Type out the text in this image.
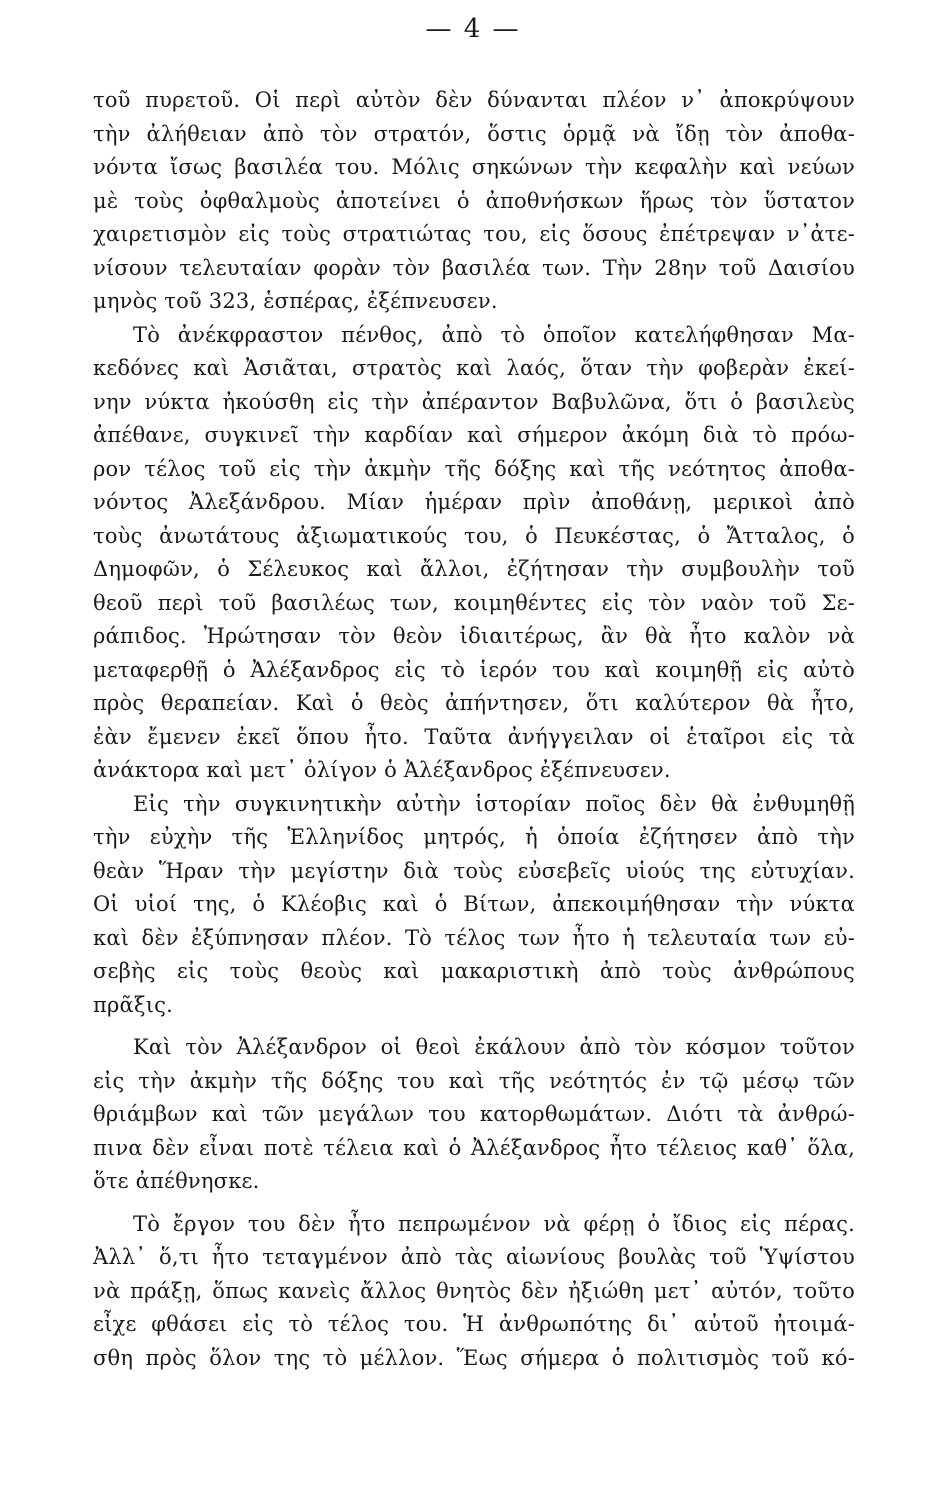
— 4 —
τοῦ πυρετοῦ. Οἱ περὶ αὐτὸν δὲν δύνανται πλέον ν᾽ ἀποκρύψουν
τὴν ἀλήθειαν ἀπὸ τὸν στρατόν, ὅστις ὁρμᾷ νὰ ἴδῃ τὸν ἀποθα-
νόντα ἴσως βασιλέα του. Μόλις σηκώνων τὴν κεφαλὴν καὶ νεύων
μὲ τοὺς ὀφθαλμοὺς ἀποτείνει ὁ ἀποθνήσκων ἥρως τὸν ὕστατον
χαιρετισμὸν εἰς τοὺς στρατιώτας του, εἰς ὅσους ἐπέτρεψαν ν᾽ἀτε-
νίσουν τελευταίαν φορὰν τὸν βασιλέα των. Τὴν 28ην τοῦ Δαισίου
μηνὸς τοῦ 323, ἑσπέρας, ἐξέπνευσεν.
Τὸ ἀνέκφραστον πένθος, ἀπὸ τὸ ὁποῖον κατελήφθησαν Μα-
κεδόνες καὶ Ἀσιᾶται, στρατὸς καὶ λαός, ὅταν τὴν φοβερὰν ἐκεί-
νην νύκτα ἠκούσθη εἰς τὴν ἀπέραντον Βαβυλῶνα, ὅτι ὁ βασιλεὺς
ἀπέθανε, συγκινεῖ τὴν καρδίαν καὶ σήμερον ἀκόμη διὰ τὸ πρόω-
ρον τέλος τοῦ εἰς τὴν ἀκμὴν τῆς δόξης καὶ τῆς νεότητος ἀποθα-
νόντος Ἀλεξάνδρου. Μίαν ἡμέραν πρὶν ἀποθάνῃ, μερικοὶ ἀπὸ
τοὺς ἀνωτάτους ἀξιωματικούς του, ὁ Πευκέστας, ὁ Ἄτταλος, ὁ
Δημοφῶν, ὁ Σέλευκος καὶ ἄλλοι, ἐζήτησαν τὴν συμβουλὴν τοῦ
θεοῦ περὶ τοῦ βασιλέως των, κοιμηθέντες εἰς τὸν ναὸν τοῦ Σε-
ράπιδος. Ἠρώτησαν τὸν θεὸν ἰδιαιτέρως, ἂν θὰ ἦτο καλὸν νὰ
μεταφερθῇ ὁ Ἀλέξανδρος εἰς τὸ ἱερόν του καὶ κοιμηθῇ εἰς αὐτὸ
πρὸς θεραπείαν. Καὶ ὁ θεὸς ἀπήντησεν, ὅτι καλύτερον θὰ ἦτο,
ἐὰν ἔμενεν ἐκεῖ ὅπου ἦτο. Ταῦτα ἀνήγγειλαν οἱ ἑταῖροι εἰς τὰ
ἀνάκτορα καὶ μετ᾽ ὀλίγον ὁ Ἀλέξανδρος ἐξέπνευσεν.
Εἰς τὴν συγκινητικὴν αὐτὴν ἱστορίαν ποῖος δὲν θὰ ἐνθυμηθῇ
τὴν εὐχὴν τῆς Ἑλληνίδος μητρός, ἡ ὁποία ἐζήτησεν ἀπὸ τὴν
θεὰν Ἥραν τὴν μεγίστην διὰ τοὺς εὐσεβεῖς υἱούς της εὐτυχίαν.
Οἱ υἱοί της, ὁ Κλέοβις καὶ ὁ Βίτων, ἀπεκοιμήθησαν τὴν νύκτα
καὶ δὲν ἐξύπνησαν πλέον. Τὸ τέλος των ἦτο ἡ τελευταία των εὐ-
σεβὴς εἰς τοὺς θεοὺς καὶ μακαριστικὴ ἀπὸ τοὺς ἀνθρώπους
πρᾶξις.
Καὶ τὸν Ἀλέξανδρον οἱ θεοὶ ἐκάλουν ἀπὸ τὸν κόσμον τοῦτον
εἰς τὴν ἀκμὴν τῆς δόξης του καὶ τῆς νεότητός ἐν τῷ μέσῳ τῶν
θριάμβων καὶ τῶν μεγάλων του κατορθωμάτων. Διότι τὰ ἀνθρώ-
πινα δὲν εἶναι ποτὲ τέλεια καὶ ὁ Ἀλέξανδρος ἦτο τέλειος καθ᾽ ὅλα,
ὅτε ἀπέθνησκε.
Τὸ ἔργον του δὲν ἦτο πεπρωμένον νὰ φέρῃ ὁ ἴδιος εἰς πέρας.
Ἀλλ᾽ ὅ,τι ἦτο τεταγμένον ἀπὸ τὰς αἰωνίους βουλὰς τοῦ Ὑψίστου
νὰ πράξῃ, ὅπως κανεὶς ἄλλος θνητὸς δὲν ἠξιώθη μετ᾽ αὐτόν, τοῦτο
εἶχε φθάσει εἰς τὸ τέλος του. Ἡ ἀνθρωπότης δι᾽ αὐτοῦ ἠτοιμά-
σθη πρὸς ὅλον της τὸ μέλλον. Ἕως σήμερα ὁ πολιτισμὸς τοῦ κό-
